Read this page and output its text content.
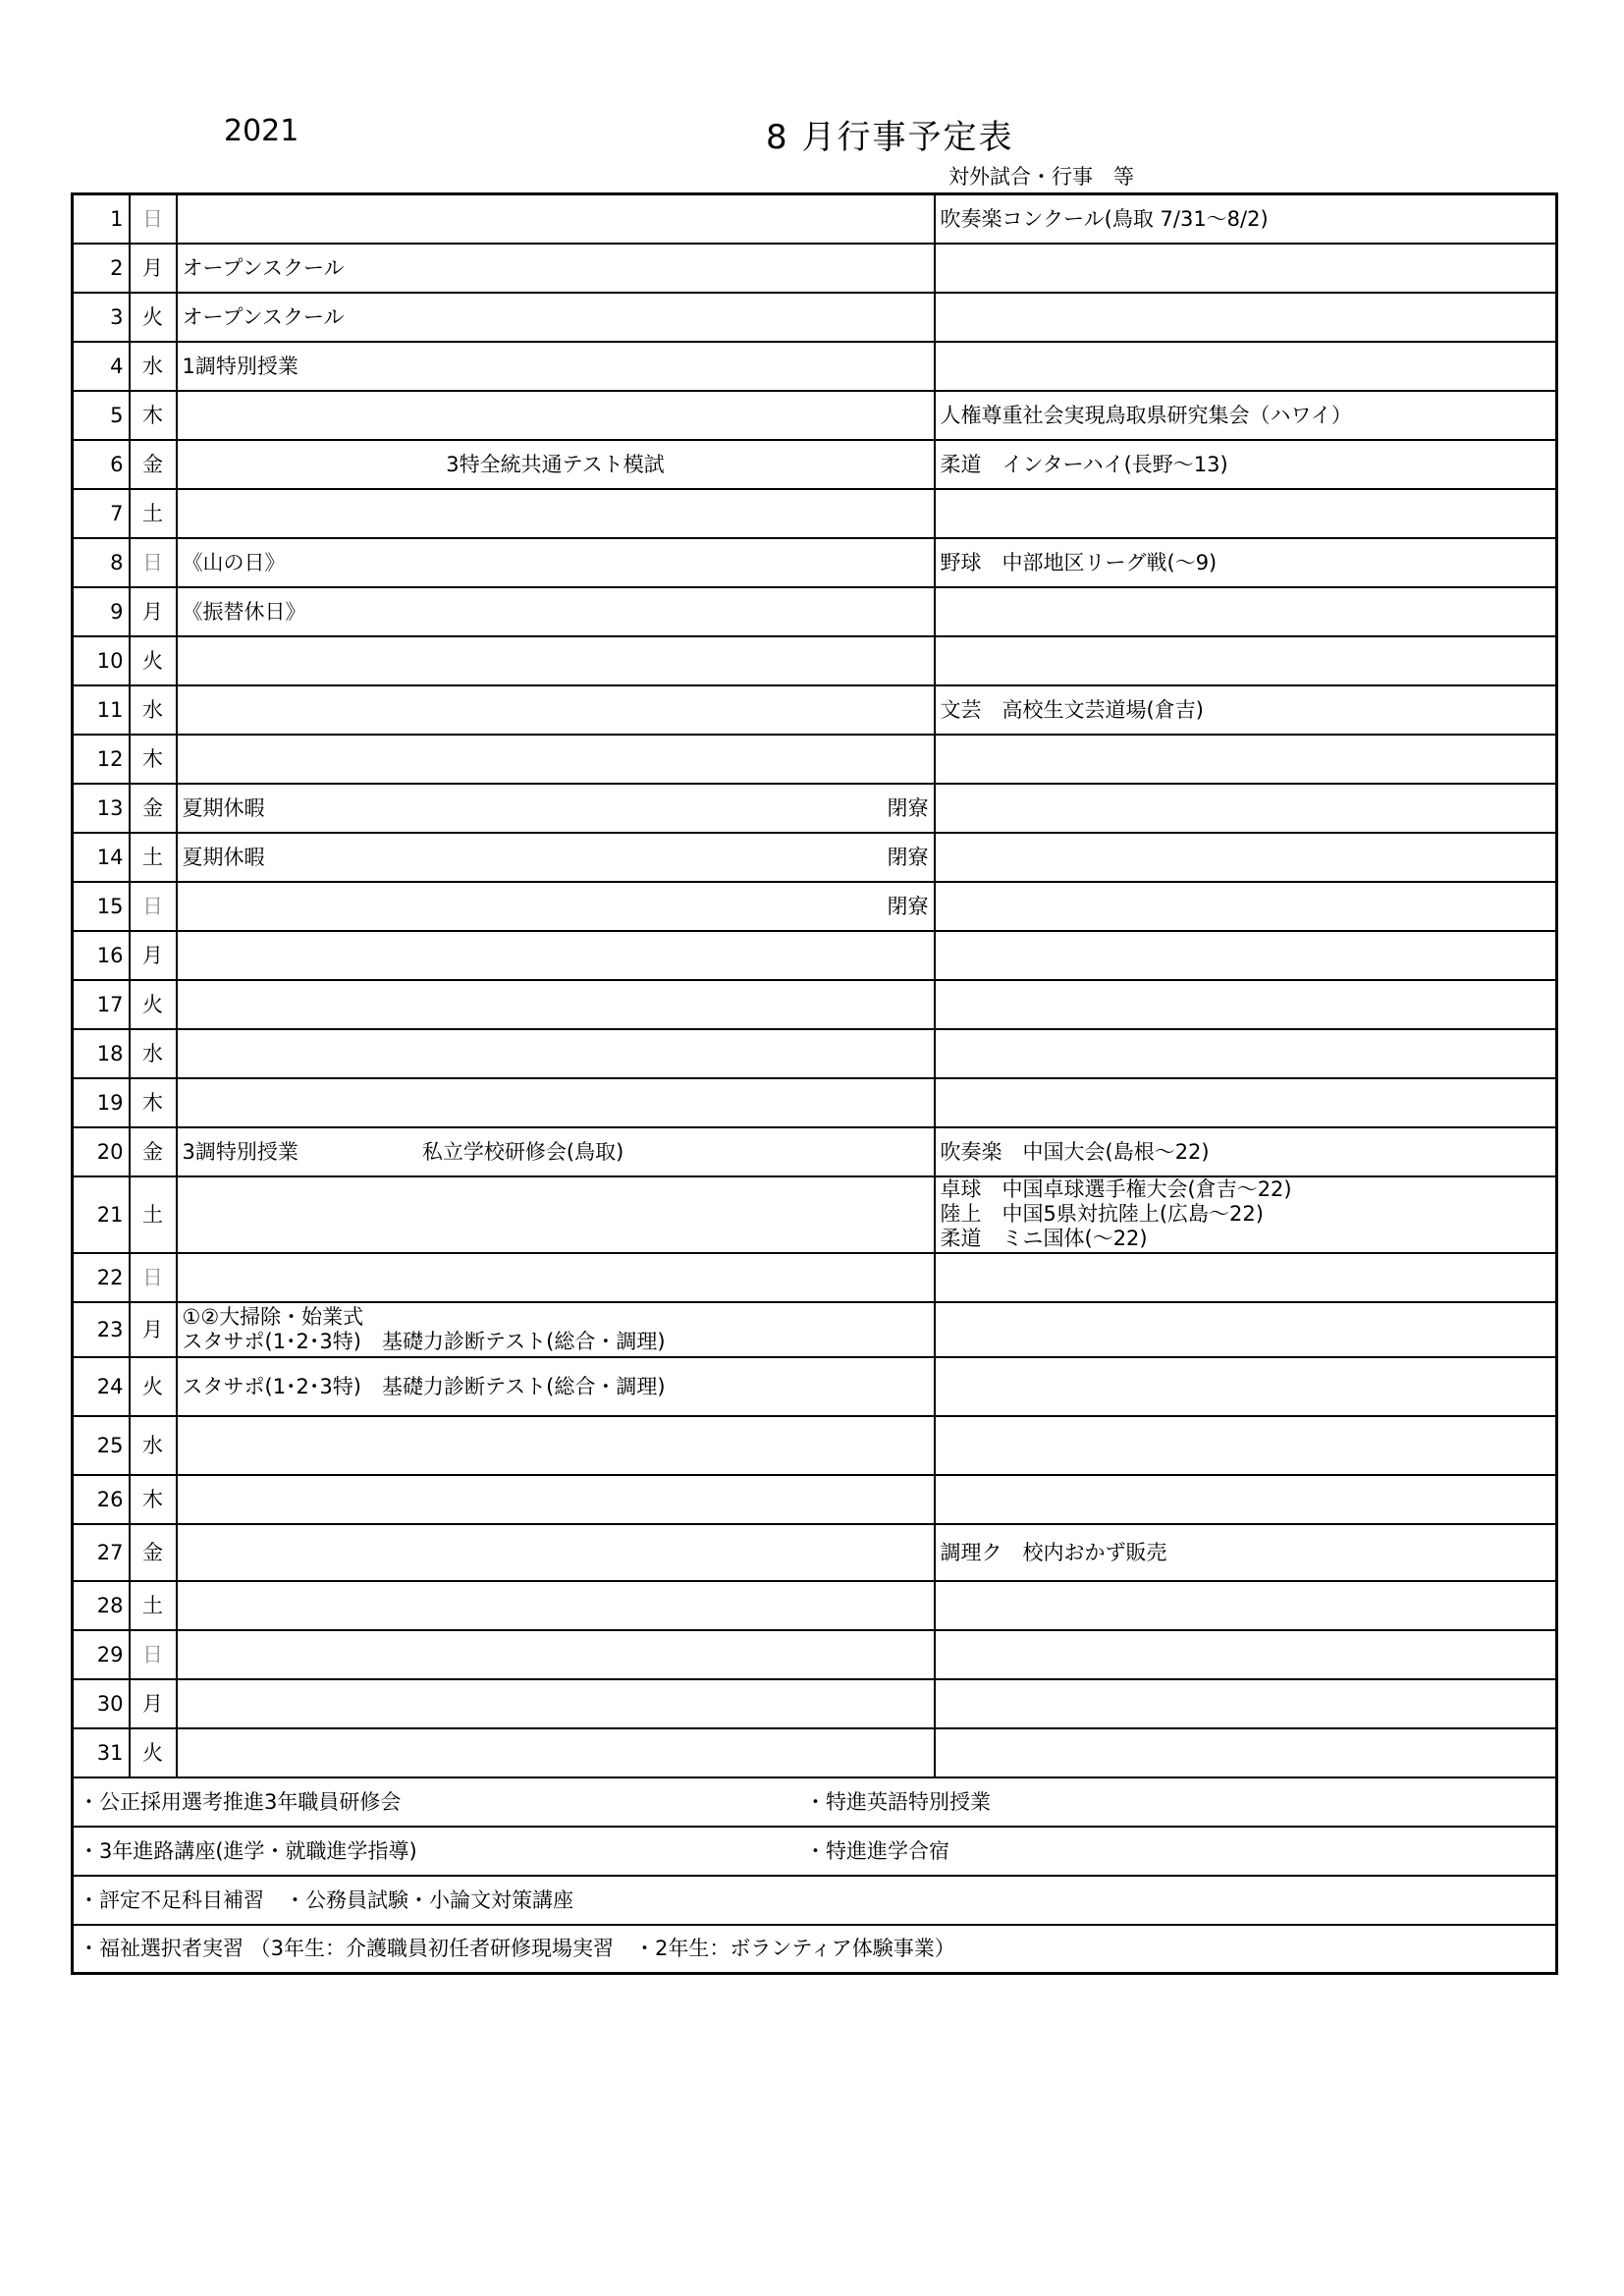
2021	8 月行事予定表
対外試合・行事　等
1	日		吹奏楽コンクール(鳥取 7/31～8/2)
2	月	オープンスクール	

3	火	オープンスクール	

4	水	1調特別授業	

5	木		人権尊重社会実現鳥取県研究集会（ハワイ）
6	金	3特全統共通テスト模試	柔道　インターハイ(長野～13)
7	土	

8	日	《山の日》	野球　中部地区リーグ戦(～9)
9	月	《振替休日》	

10	火	

11	水		文芸　高校生文芸道場(倉吉)
12	木	

13	金	夏期休暇 閉寮	

14	土	夏期休暇 閉寮	

15	日	閉寮	

16	月	

17	火	

18	水	

19	木	

20	金	3調特別授業 私立学校研修会(鳥取)	吹奏楽　中国大会(島根～22)
21	土		卓球　中国卓球選手権大会(倉吉～22)
陸上　中国5県対抗陸上(広島～22)
柔道　ミニ国体(～22)

22	日	

23	月	①②大掃除・始業式
スタサポ(1･2･3特)　基礎力診断テスト(総合・調理)	

24	火	スタサポ(1･2･3特)　基礎力診断テスト(総合・調理)	

25	水	

26	木	

27	金		調理ク　校内おかず販売
28	土	

29	日	

30	月	

31	火	

・公正採用選考推進3年職員研修会 ・特進英語特別授業			

・3年進路講座(進学・就職進学指導) ・特進進学合宿			

・評定不足科目補習　・公務員試験・小論文対策講座			
・福祉選択者実習 （3年生：介護職員初任者研修現場実習　・2年生：ボランティア体験事業）			
